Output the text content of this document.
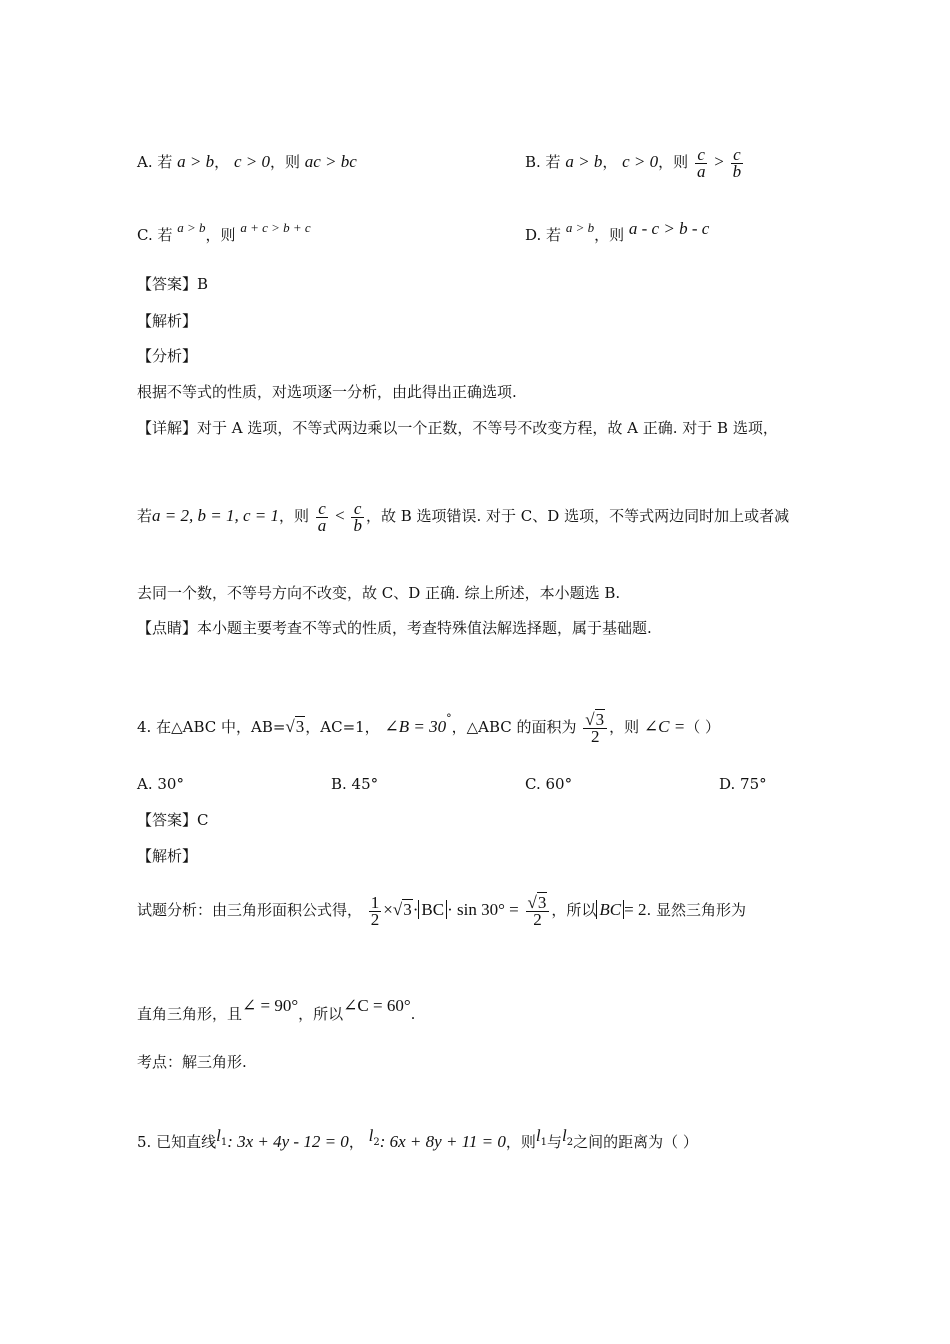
A. 若 a > b， c > 0，则 ac > bc	B. 若 a > b， c > 0，则 $\frac{c}{a} > \frac{c}{b}$
C. 若 a > b，则 a + c > b + c	D. 若 a > b，则 a - c > b - c
【答案】B
【解析】
【分析】
根据不等式的性质，对选项逐一分析，由此得出正确选项.
【详解】对于 A 选项，不等式两边乘以一个正数，不等号不改变方程，故 A 正确. 对于 B 选项，
若a = 2, b = 1, c = 1，则 $\frac{c}{a} < \frac{c}{b}$ ，故 B 选项错误. 对于 C、D 选项，不等式两边同时加上或者减
去同一个数，不等号方向不改变，故 C、D 正确. 综上所述，本小题选 B.
【点睛】本小题主要考查不等式的性质，考查特殊值法解选择题，属于基础题.
4. 在△ABC 中，AB=√3，AC=1， ∠B = 30°，△ABC 的面积为 $\frac{√3}{2}$ ，则 ∠C =（ ）
A. 30°	B. 45°	C. 60°	D. 75°
【答案】C
【解析】
试题分析：由三角形面积公式得， $\frac{1}{2} \times√3\cdot$ BC · $\sin 30^\circ = \frac{√3}{2}$ ，所以 BC = 2. 显然三角形为
直角三角形，且∠ = 90°，所以∠C = 60°.
考点：解三角形.
5. 已知直线$l^1$: 3x + 4y - 12 = 0， $l^2$: 6x + 8y + 11 = 0，则$l^1$与$l^2$之间的距离为（ ）
